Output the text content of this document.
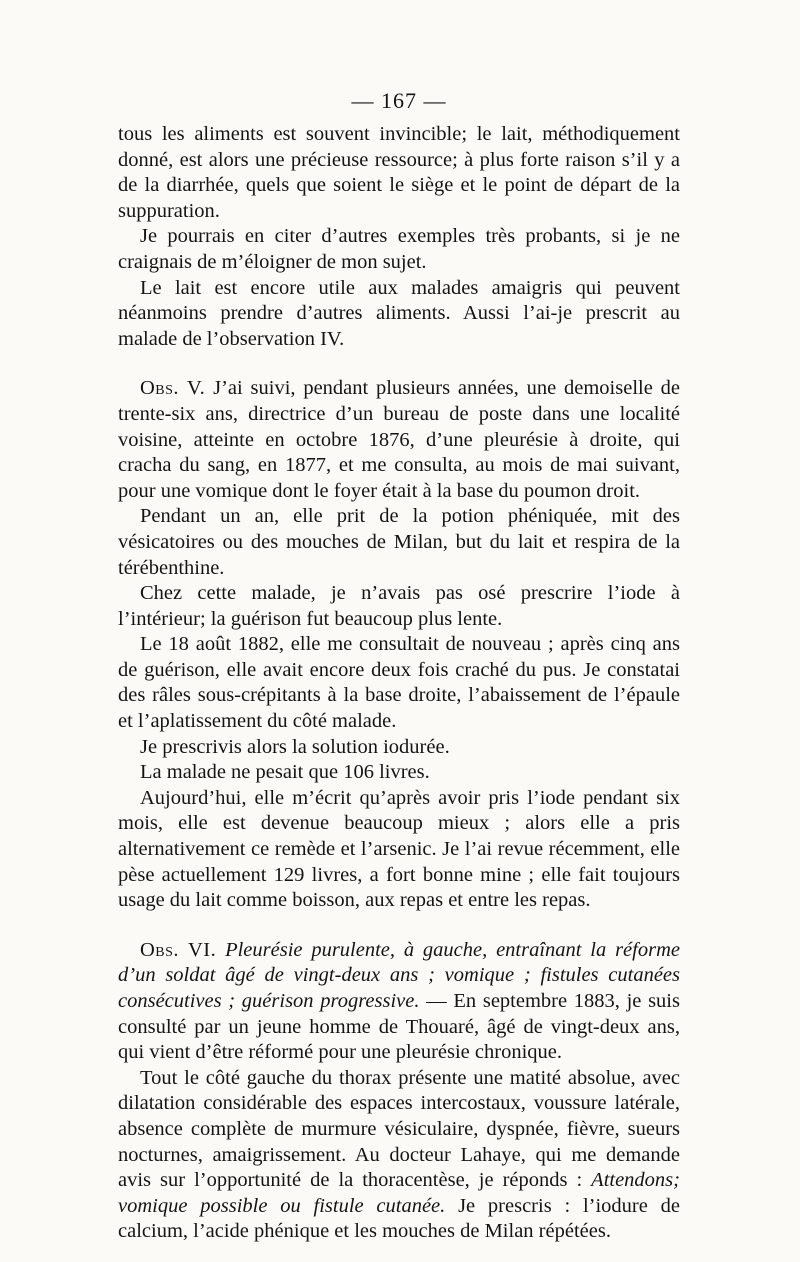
— 167 —

tous les aliments est souvent invincible; le lait, méthodiquement donné, est alors une précieuse ressource; à plus forte raison s’il y a de la diarrhée, quels que soient le siège et le point de départ de la suppuration.

Je pourrais en citer d’autres exemples très probants, si je ne craignais de m’éloigner de mon sujet.

Le lait est encore utile aux malades amaigris qui peuvent néanmoins prendre d’autres aliments. Aussi l’ai-je prescrit au malade de l’observation IV.

Obs. V. J’ai suivi, pendant plusieurs années, une demoiselle de trente-six ans, directrice d’un bureau de poste dans une localité voisine, atteinte en octobre 1876, d’une pleurésie à droite, qui cracha du sang, en 1877, et me consulta, au mois de mai suivant, pour une vomique dont le foyer était à la base du poumon droit.

Pendant un an, elle prit de la potion phéniquée, mit des vésicatoires ou des mouches de Milan, but du lait et respira de la térébenthine.

Chez cette malade, je n’avais pas osé prescrire l’iode à l’intérieur; la guérison fut beaucoup plus lente.

Le 18 août 1882, elle me consultait de nouveau ; après cinq ans de guérison, elle avait encore deux fois craché du pus. Je constatai des râles sous-crépitants à la base droite, l’abaissement de l’épaule et l’aplatissement du côté malade.

Je prescrivis alors la solution iodurée.

La malade ne pesait que 106 livres.

Aujourd’hui, elle m’écrit qu’après avoir pris l’iode pendant six mois, elle est devenue beaucoup mieux ; alors elle a pris alternativement ce remède et l’arsenic. Je l’ai revue récemment, elle pèse actuellement 129 livres, a fort bonne mine ; elle fait toujours usage du lait comme boisson, aux repas et entre les repas.

Obs. VI. Pleurésie purulente, à gauche, entraînant la réforme d’un soldat âgé de vingt-deux ans ; vomique ; fistules cutanées consécutives ; guérison progressive. — En septembre 1883, je suis consulté par un jeune homme de Thouaré, âgé de vingt-deux ans, qui vient d’être réformé pour une pleurésie chronique.

Tout le côté gauche du thorax présente une matité absolue, avec dilatation considérable des espaces intercostaux, voussure latérale, absence complète de murmure vésiculaire, dyspnée, fièvre, sueurs nocturnes, amaigrissement. Au docteur Lahaye, qui me demande avis sur l’opportunité de la thoracentèse, je réponds : Attendons; vomique possible ou fistule cutanée. Je prescris : l’iodure de calcium, l’acide phénique et les mouches de Milan répétées.
